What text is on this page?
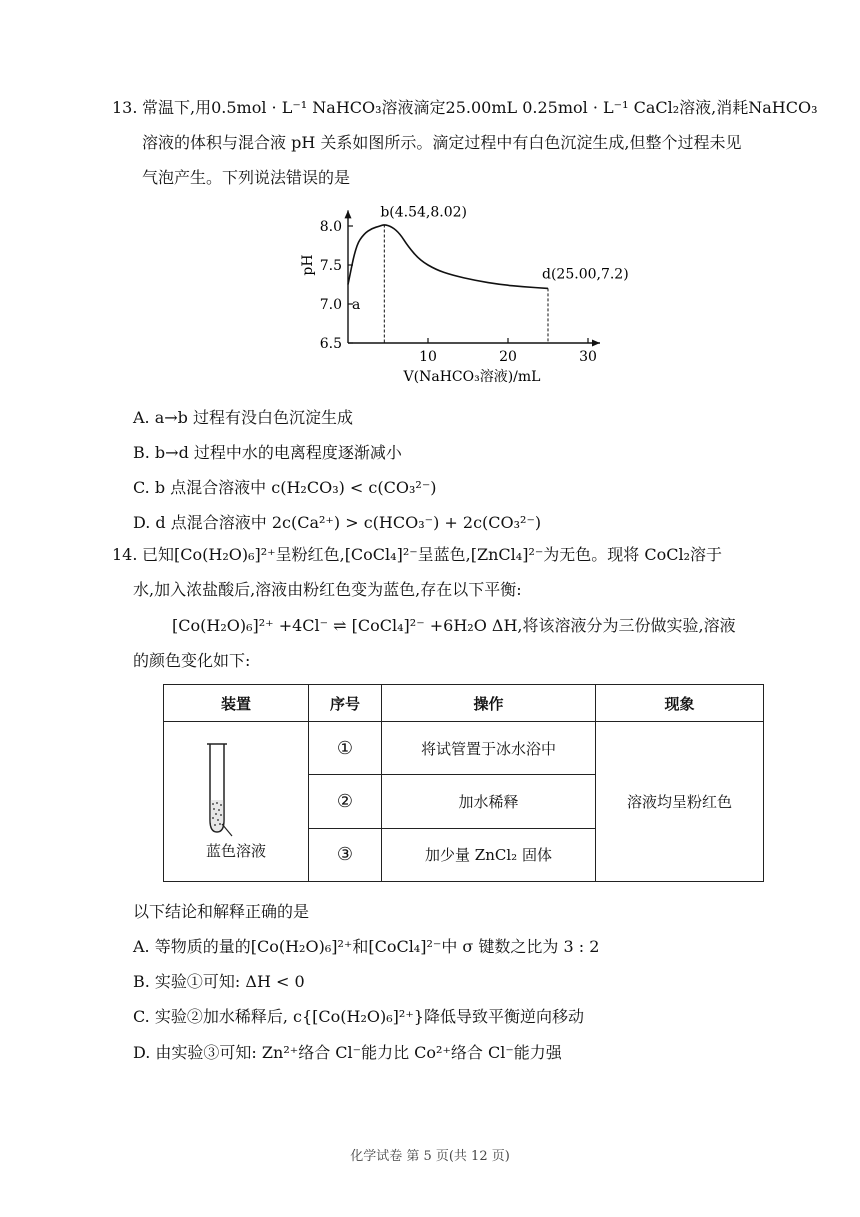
13. 常温下,用0.5mol · L⁻¹ NaHCO₃溶液滴定25.00mL 0.25mol · L⁻¹ CaCl₂溶液,消耗NaHCO₃
溶液的体积与混合液 pH 关系如图所示。滴定过程中有白色沉淀生成,但整个过程未见
气泡产生。下列说法错误的是
6.5
7.0
7.5
8.0
10	20	30
V(NaHCO₃溶液)/mL
pH
a
b(4.54,8.02)
d(25.00,7.2)
A. a→b 过程有没白色沉淀生成
B. b→d 过程中水的电离程度逐渐减小
C. b 点混合溶液中 c(H₂CO₃) < c(CO₃²⁻)
D. d 点混合溶液中 2c(Ca²⁺) > c(HCO₃⁻) + 2c(CO₃²⁻)
14. 已知[Co(H₂O)₆]²⁺呈粉红色,[CoCl₄]²⁻呈蓝色,[ZnCl₄]²⁻为无色。现将 CoCl₂溶于
水,加入浓盐酸后,溶液由粉红色变为蓝色,存在以下平衡:
[Co(H₂O)₆]²⁺ +4Cl⁻ ⇌ [CoCl₄]²⁻ +6H₂O ΔH,将该溶液分为三份做实验,溶液
的颜色变化如下:
装置	序号	操作	现象

蓝色溶液	①	将试管置于冰水浴中	溶液均呈粉红色
	②	加水稀释	
	③	加少量 ZnCl₂ 固体	
以下结论和解释正确的是
A. 等物质的量的[Co(H₂O)₆]²⁺和[CoCl₄]²⁻中 σ 键数之比为 3 : 2
B. 实验①可知: ΔH < 0
C. 实验②加水稀释后, c{[Co(H₂O)₆]²⁺}降低导致平衡逆向移动
D. 由实验③可知: Zn²⁺络合 Cl⁻能力比 Co²⁺络合 Cl⁻能力强
化学试卷 第 5 页(共 12 页)
